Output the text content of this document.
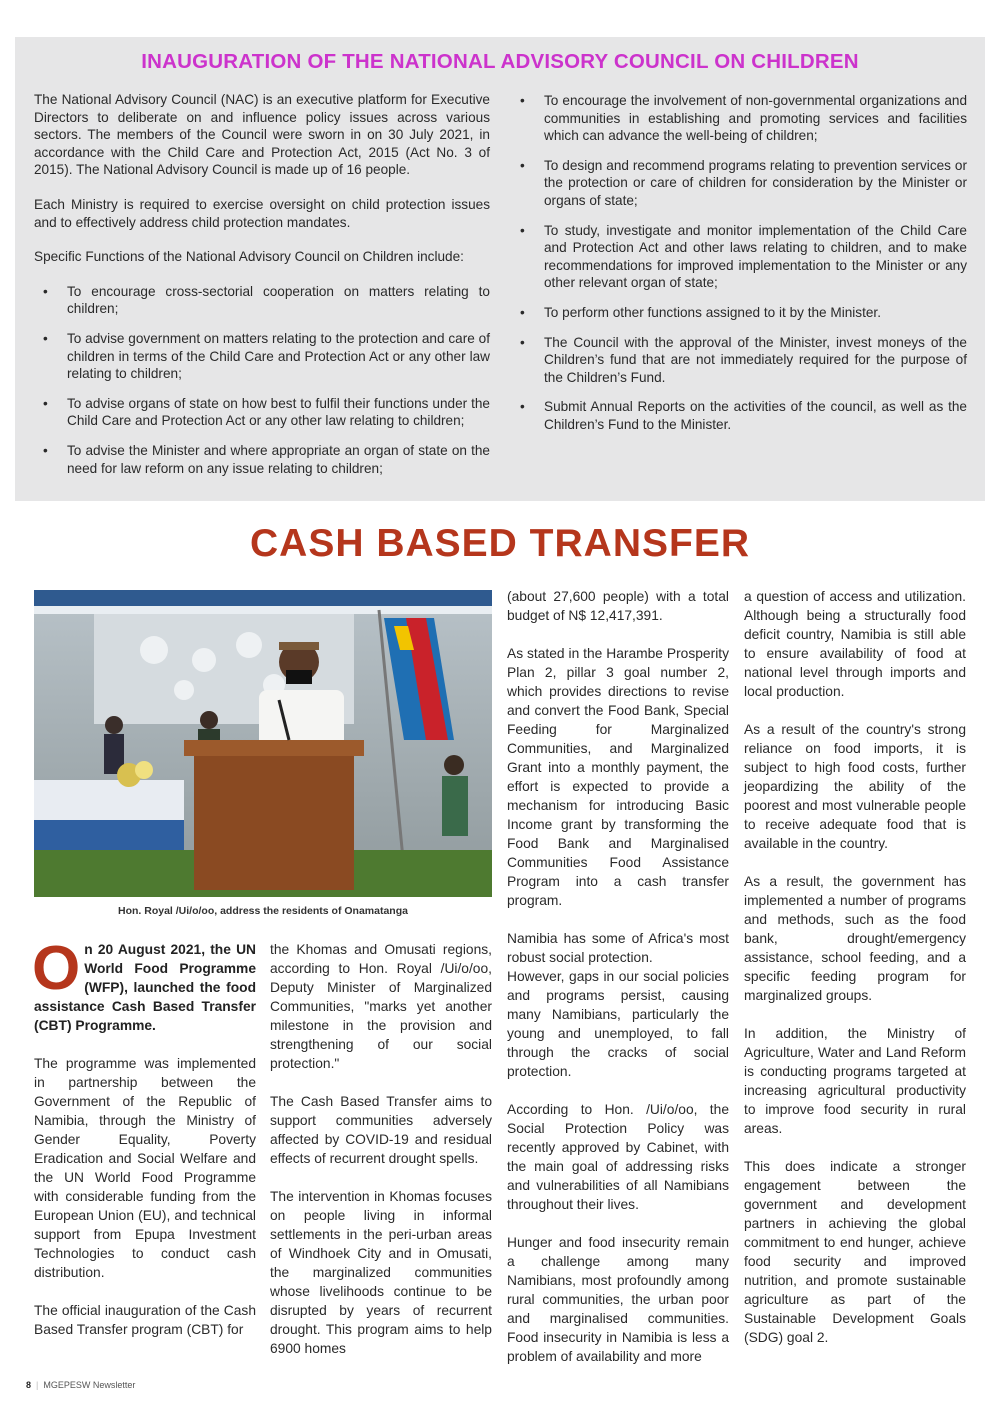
INAUGURATION OF THE NATIONAL ADVISORY COUNCIL ON CHILDREN

The National Advisory Council (NAC) is an executive platform for Executive Directors to deliberate on and influence policy issues across various sectors. The members of the Council were sworn in on 30 July 2021, in accordance with the Child Care and Protection Act, 2015 (Act No. 3 of 2015). The National Advisory Council is made up of 16 people.

Each Ministry is required to exercise oversight on child protection issues and to effectively address child protection mandates.

Specific Functions of the National Advisory Council on Children include:

• To encourage cross-sectorial cooperation on matters relating to children;
• To advise government on matters relating to the protection and care of children in terms of the Child Care and Protection Act or any other law relating to children;
• To advise organs of state on how best to fulfil their functions under the Child Care and Protection Act or any other law relating to children;
• To advise the Minister and where appropriate an organ of state on the need for law reform on any issue relating to children;
• To encourage the involvement of non-governmental organizations and communities in establishing and promoting services and facilities which can advance the well-being of children;
• To design and recommend programs relating to prevention services or the protection or care of children for consideration by the Minister or organs of state;
• To study, investigate and monitor implementation of the Child Care and Protection Act and other laws relating to children, and to make recommendations for improved implementation to the Minister or any other relevant organ of state;
• To perform other functions assigned to it by the Minister.
• The Council with the approval of the Minister, invest moneys of the Children’s fund that are not immediately required for the purpose of the Children’s Fund.
• Submit Annual Reports on the activities of the council, as well as the Children’s Fund to the Minister.
CASH BASED TRANSFER
Hon. Royal /Ui/o/oo, address the residents of Onamatanga

On 20 August 2021, the UN World Food Programme (WFP), launched the food assistance Cash Based Transfer (CBT) Programme.

The programme was implemented in partnership between the Government of the Republic of Namibia, through the Ministry of Gender Equality, Poverty Eradication and Social Welfare and the UN World Food Programme with considerable funding from the European Union (EU), and technical support from Epupa Investment Technologies to conduct cash distribution.

The official inauguration of the Cash Based Transfer program (CBT) for

the Khomas and Omusati regions, according to Hon. Royal /Ui/o/oo, Deputy Minister of Marginalized Communities, "marks yet another milestone in the provision and strengthening of our social protection."

The Cash Based Transfer aims to support communities adversely affected by COVID-19 and residual effects of recurrent drought spells.

The intervention in Khomas focuses on people living in informal settlements in the peri-urban areas of Windhoek City and in Omusati, the marginalized communities whose livelihoods continue to be disrupted by years of recurrent drought. This program aims to help 6900 homes

(about 27,600 people) with a total budget of N$ 12,417,391.

As stated in the Harambe Prosperity Plan 2, pillar 3 goal number 2, which provides directions to revise and convert the Food Bank, Special Feeding for Marginalized Communities, and Marginalized Grant into a monthly payment, the effort is expected to provide a mechanism for introducing Basic Income grant by transforming the Food Bank and Marginalised Communities Food Assistance Program into a cash transfer program.

Namibia has some of Africa's most robust social protection.

However, gaps in our social policies and programs persist, causing many Namibians, particularly the young and unemployed, to fall through the cracks of social protection.

According to Hon. /Ui/o/oo, the Social Protection Policy was recently approved by Cabinet, with the main goal of addressing risks and vulnerabilities of all Namibians throughout their lives.

Hunger and food insecurity remain a challenge among many Namibians, most profoundly among rural communities, the urban poor and marginalised communities. Food insecurity in Namibia is less a problem of availability and more

a question of access and utilization. Although being a structurally food deficit country, Namibia is still able to ensure availability of food at national level through imports and local production.

As a result of the country's strong reliance on food imports, it is subject to high food costs, further jeopardizing the ability of the poorest and most vulnerable people to receive adequate food that is available in the country.

As a result, the government has implemented a number of programs and methods, such as the food bank, drought/emergency assistance, school feeding, and a specific feeding program for marginalized groups.

In addition, the Ministry of Agriculture, Water and Land Reform is conducting programs targeted at increasing agricultural productivity to improve food security in rural areas.

This does indicate a stronger engagement between the government and development partners in achieving the global commitment to end hunger, achieve food security and improved nutrition, and promote sustainable agriculture as part of the Sustainable Development Goals (SDG) goal 2.

8 | MGEPESW Newsletter
